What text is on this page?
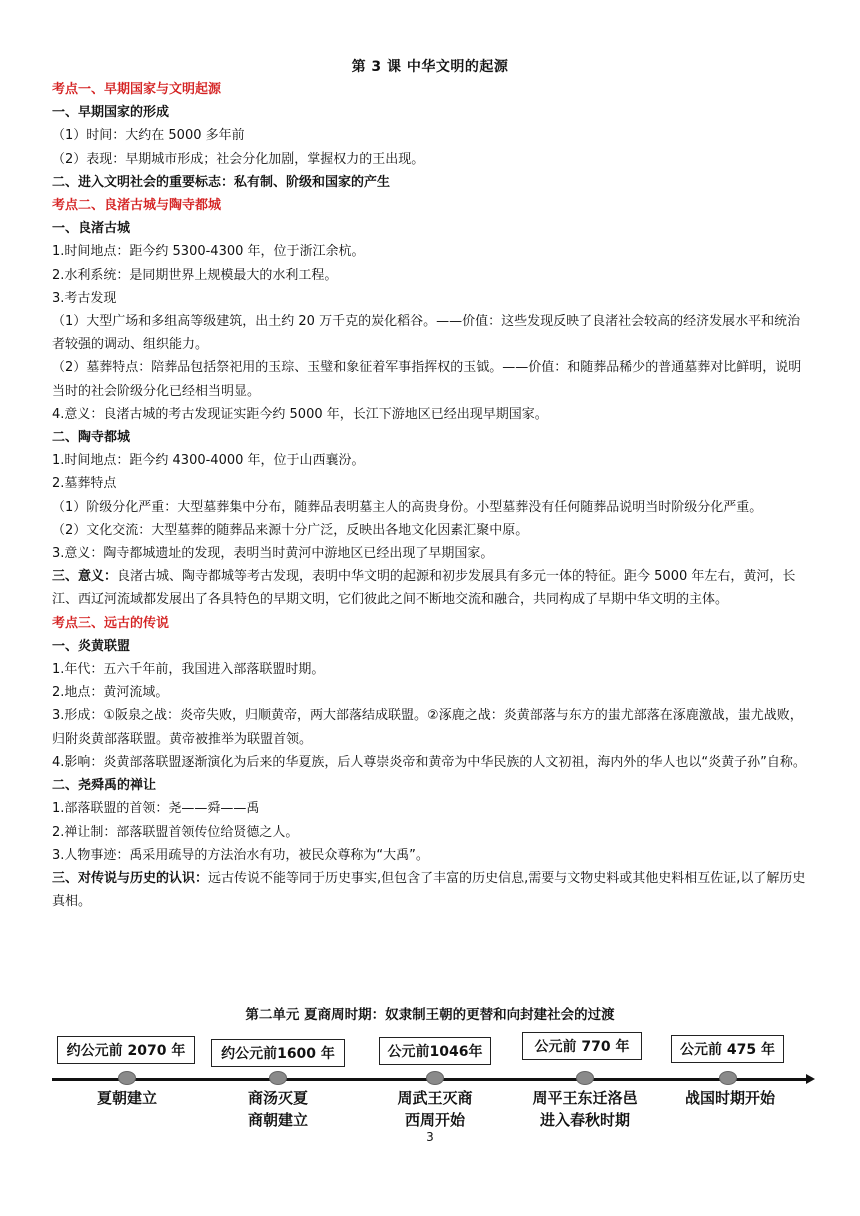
第 3 课 中华文明的起源

考点一、早期国家与文明起源

一、早期国家的形成

（1）时间：大约在 5000 多年前

（2）表现：早期城市形成；社会分化加剧，掌握权力的王出现。

二、进入文明社会的重要标志：私有制、阶级和国家的产生

考点二、良渚古城与陶寺都城

一、良渚古城

1.时间地点：距今约 5300-4300 年，位于浙江余杭。

2.水利系统：是同期世界上规模最大的水利工程。

3.考古发现

（1）大型广场和多组高等级建筑，出土约 20 万千克的炭化稻谷。——价值：这些发现反映了良渚社会较高的经济发展水平和统治者较强的调动、组织能力。

（2）墓葬特点：陪葬品包括祭祀用的玉琮、玉璧和象征着军事指挥权的玉钺。——价值：和随葬品稀少的普通墓葬对比鲜明，说明当时的社会阶级分化已经相当明显。

4.意义：良渚古城的考古发现证实距今约 5000 年，长江下游地区已经出现早期国家。

二、陶寺都城

1.时间地点：距今约 4300-4000 年，位于山西襄汾。

2.墓葬特点

（1）阶级分化严重：大型墓葬集中分布，随葬品表明墓主人的高贵身份。小型墓葬没有任何随葬品说明当时阶级分化严重。

（2）文化交流：大型墓葬的随葬品来源十分广泛，反映出各地文化因素汇聚中原。

3.意义：陶寺都城遗址的发现，表明当时黄河中游地区已经出现了早期国家。

三、意义：良渚古城、陶寺都城等考古发现，表明中华文明的起源和初步发展具有多元一体的特征。距今 5000 年左右，黄河，长江、西辽河流域都发展出了各具特色的早期文明，它们彼此之间不断地交流和融合，共同构成了早期中华文明的主体。

考点三、远古的传说

一、炎黄联盟

1.年代：五六千年前，我国进入部落联盟时期。

2.地点：黄河流域。

3.形成：①阪泉之战：炎帝失败，归顺黄帝，两大部落结成联盟。②涿鹿之战：炎黄部落与东方的蚩尤部落在涿鹿激战，蚩尤战败，归附炎黄部落联盟。黄帝被推举为联盟首领。

4.影响：炎黄部落联盟逐渐演化为后来的华夏族，后人尊崇炎帝和黄帝为中华民族的人文初祖，海内外的华人也以“炎黄子孙”自称。

二、尧舜禹的禅让

1.部落联盟的首领：尧——舜——禹

2.禅让制：部落联盟首领传位给贤德之人。

3.人物事迹：禹采用疏导的方法治水有功，被民众尊称为“大禹”。

三、对传说与历史的认识：远古传说不能等同于历史事实,但包含了丰富的历史信息,需要与文物史料或其他史料相互佐证,以了解历史真相。

第二单元 夏商周时期：奴隶制王朝的更替和向封建社会的过渡
约公元前 2070 年	约公元前1600 年	公元前1046年	公元前 770 年	公元前 475 年
夏朝建立	商汤灭夏
商朝建立
周武王灭商
西周开始
周平王东迁洛邑
进入春秋时期
战国时期开始
3
